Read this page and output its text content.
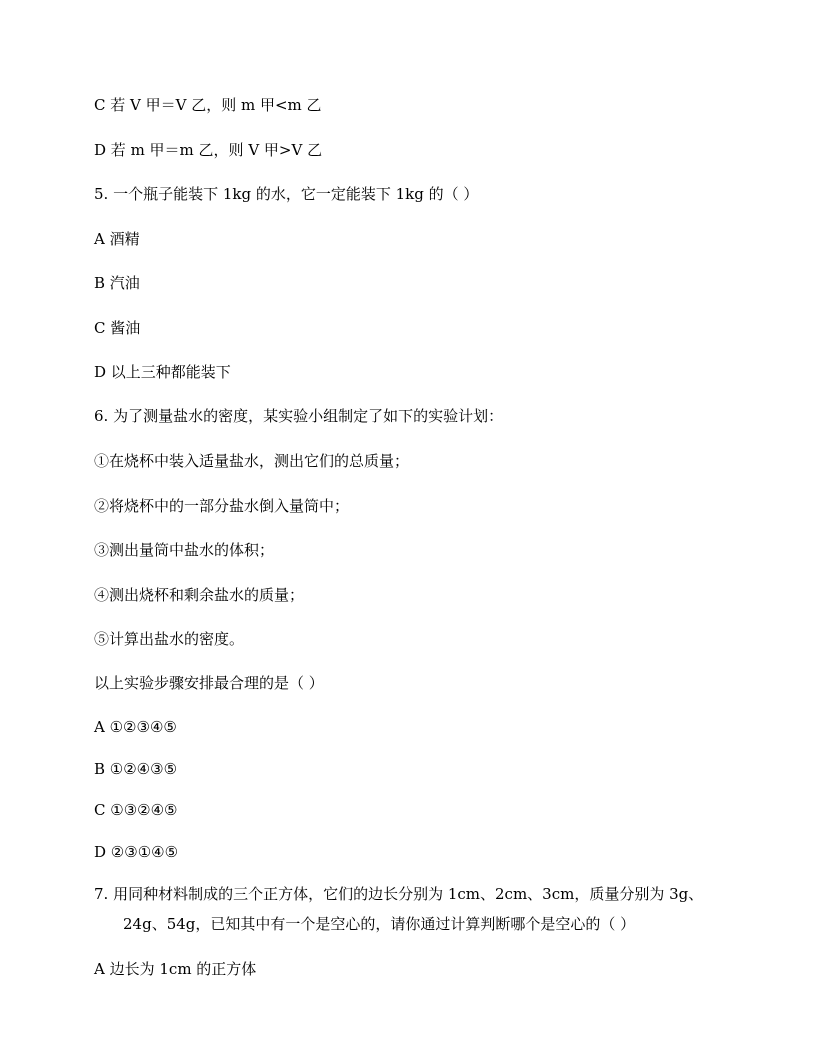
C 若 V 甲＝V 乙，则 m 甲<m 乙
D 若 m 甲＝m 乙，则 V 甲>V 乙
5. 一个瓶子能装下 1kg 的水，它一定能装下 1kg 的（ ）
A 酒精
B 汽油
C 酱油
D 以上三种都能装下
6. 为了测量盐水的密度，某实验小组制定了如下的实验计划：
①在烧杯中装入适量盐水，测出它们的总质量；
②将烧杯中的一部分盐水倒入量筒中；
③测出量筒中盐水的体积；
④测出烧杯和剩余盐水的质量；
⑤计算出盐水的密度。
以上实验步骤安排最合理的是（ ）
A ①②③④⑤
B ①②④③⑤
C ①③②④⑤
D ②③①④⑤
7. 用同种材料制成的三个正方体，它们的边长分别为 1cm、2cm、3cm，质量分别为 3g、
24g、54g，已知其中有一个是空心的，请你通过计算判断哪个是空心的（ ）
A 边长为 1cm 的正方体
